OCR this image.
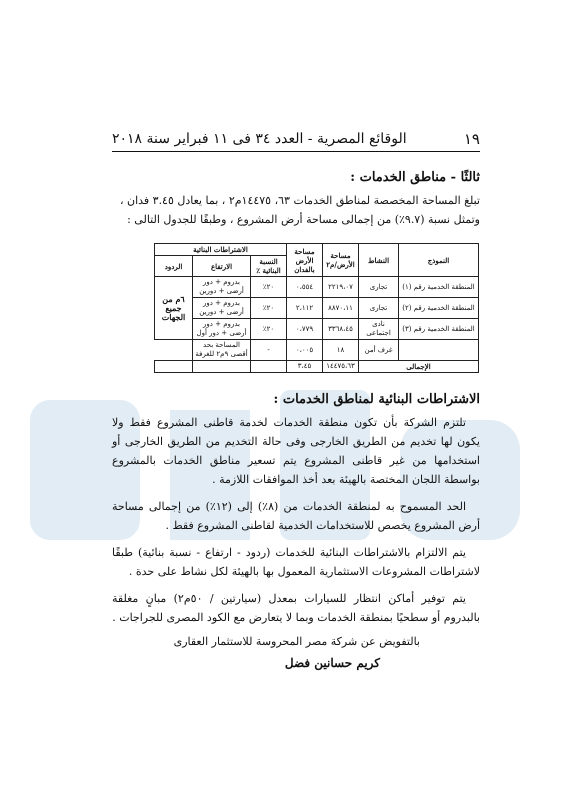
١٩
الوقائع المصرية - العدد ٣٤ فى ١١ فبراير سنة ٢٠١٨
ثالثًا - مناطق الخدمات :
تبلغ المساحة المخصصة لمناطق الخدمات ٦٣، ١٤٤٧٥م٢ ، بما يعادل ٣.٤٥ فدان ،
وتمثل نسبة (٩.٧٪) من إجمالى مساحة أرض المشروع ، وطبقًا للجدول التالى :
النموذج	النشاط	مساحة الأرض/م٢	مساحة الأرض بالفدان	الاشتراطات البنائية			
				النسبة البنائية ٪	الارتفاع	الردود	
المنطقة الخدمية رقم (١)	تجارى	٢٢١٩،٠٧	٠،٥٥٤	٢٠٪	بدروم + دور أرضى + دورين	٦م من جميع الجهات	
المنطقة الخدمية رقم (٢)	تجارى	٨٨٧٠،١١	٢،١١٢	٢٠٪	بدروم + دور أرضى + دورين		
المنطقة الخدمية رقم (٣)	نادى اجتماعى	٣٣٦٨،٤٥	٠،٧٧٩	٢٠٪	بدروم + دور أرضى + دور أول		
	غرف أمن	١٨	٠،٠٠٥	-	المساحة بحد أقصى ٩م٢ للغرفة		
الإجمالى		١٤٤٧٥،٦٣	٣،٤٥				
الاشتراطات البنائية لمناطق الخدمات :
تلتزم الشركة بأن تكون منطقة الخدمات لخدمة قاطنى المشروع فقط ولا يكون لها تخديم من الطريق الخارجى وفى حالة التخديم من الطريق الخارجى أو استخدامها من غير قاطنى المشروع يتم تسعير مناطق الخدمات بالمشروع بواسطة اللجان المختصة بالهيئة بعد أخذ الموافقات اللازمة .
الحد المسموح به لمنطقة الخدمات من (٨٪) إلى (١٢٪) من إجمالى مساحة أرض المشروع يخصص للاستخدامات الخدمية لقاطنى المشروع فقط .
يتم الالتزام بالاشتراطات البنائية للخدمات (ردود - ارتفاع - نسبة بنائية) طبقًا لاشتراطات المشروعات الاستثمارية المعمول بها بالهيئة لكل نشاط على حدة .
يتم توفير أماكن انتظار للسيارات بمعدل (سيارتين / ٥٠م٢) مبانٍ مغلقة بالبدروم أو سطحيًا بمنطقة الخدمات وبما لا يتعارض مع الكود المصرى للجراجات .
بالتفويض عن شركة مصر المحروسة للاستثمار العقارى
كريم حسانين فضل
